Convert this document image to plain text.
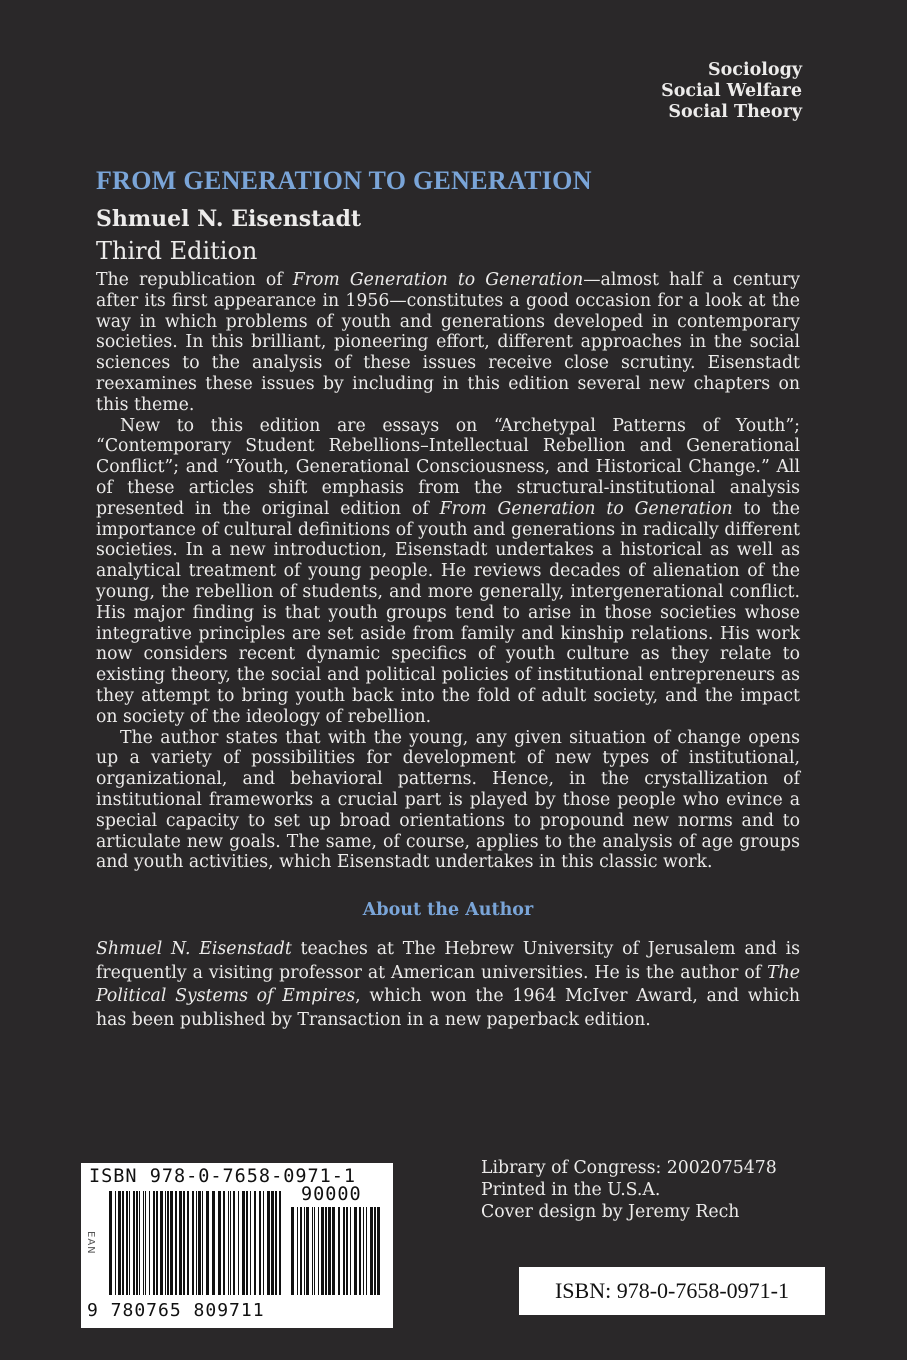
Sociology
Social Welfare
Social Theory
FROM GENERATION TO GENERATION
Shmuel N. Eisenstadt
Third Edition

The republication of From Generation to Generation—almost half a century after its first appearance in 1956—constitutes a good occasion for a look at the way in which problems of youth and generations developed in contemporary societies. In this brilliant, pioneering effort, different approaches in the social sciences to the analysis of these issues receive close scrutiny. Eisenstadt reexamines these issues by including in this edition several new chapters on this theme.

New to this edition are essays on “Archetypal Patterns of Youth”; “Contemporary Student Rebellions–Intellectual Rebellion and Generational Conflict”; and “Youth, Generational Consciousness, and Historical Change.” All of these articles shift emphasis from the structural-institutional analysis presented in the original edition of From Generation to Generation to the importance of cultural definitions of youth and generations in radically different societies. In a new introduction, Eisenstadt undertakes a historical as well as analytical treatment of young people. He reviews decades of alienation of the young, the rebellion of students, and more generally, intergenerational conflict. His major finding is that youth groups tend to arise in those societies whose integrative principles are set aside from family and kinship relations. His work now considers recent dynamic specifics of youth culture as they relate to existing theory, the social and political policies of institutional entrepreneurs as they attempt to bring youth back into the fold of adult society, and the impact on society of the ideology of rebellion.

The author states that with the young, any given situation of change opens up a variety of possibilities for development of new types of institutional, organizational, and behavioral patterns. Hence, in the crystallization of institutional frameworks a crucial part is played by those people who evince a special capacity to set up broad orientations to propound new norms and to articulate new goals. The same, of course, applies to the analysis of age groups and youth activities, which Eisenstadt undertakes in this classic work.

About the Author

Shmuel N. Eisenstadt teaches at The Hebrew University of Jerusalem and is frequently a visiting professor at American universities. He is the author of The Political Systems of Empires, which won the 1964 McIver Award, and which has been published by Transaction in a new paperback edition.

ISBN 978-0-7658-0971-1
90000
EAN
9 780765 809711
Library of Congress: 2002075478
Printed in the U.S.A.
Cover design by Jeremy Rech
ISBN: 978-0-7658-0971-1
